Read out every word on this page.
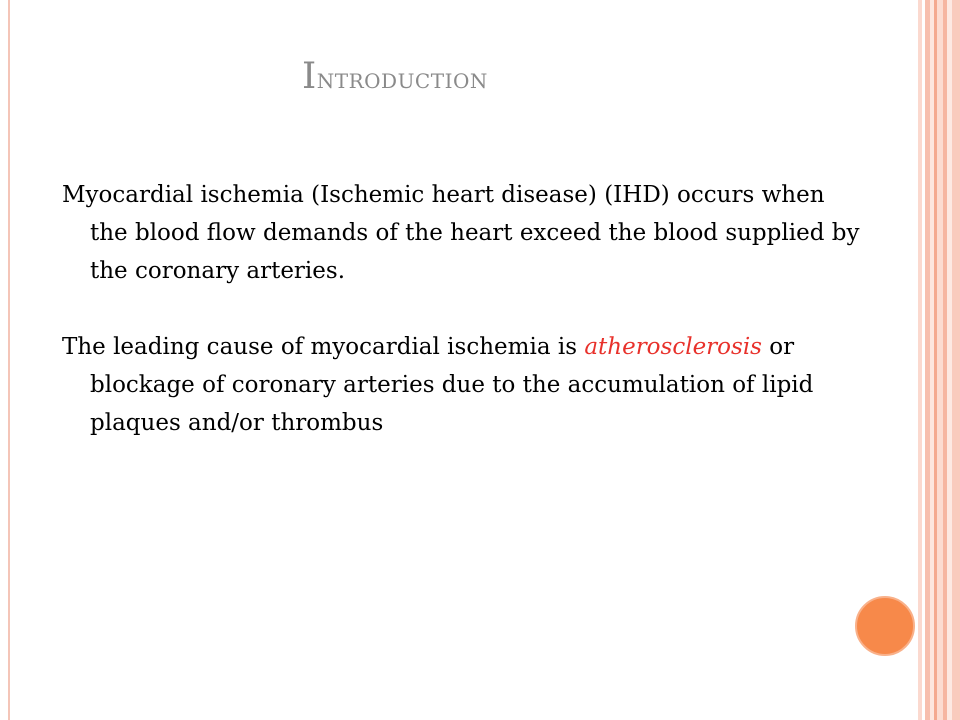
Introduction

Myocardial ischemia (Ischemic heart disease) (IHD) occurs when the blood flow demands of the heart exceed the blood supplied by the coronary arteries.

The leading cause of myocardial ischemia is atherosclerosis or blockage of coronary arteries due to the accumulation of lipid plaques and/or thrombus
